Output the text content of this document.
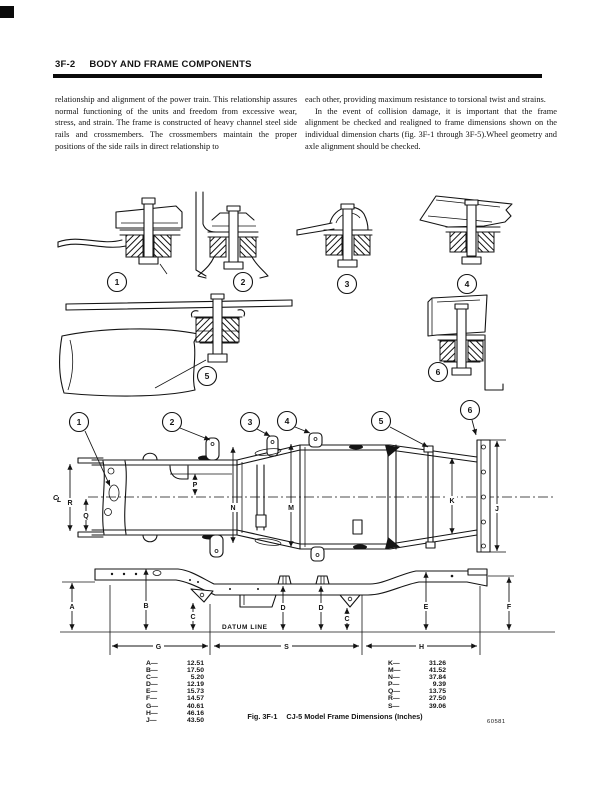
3F-2 BODY AND FRAME COMPONENTS

relationship and alignment of the power train. This relationship assures normal functioning of the units and freedom from excessive wear, stress, and strain. The frame is constructed of heavy channel steel side rails and crossmembers. The crossmembers maintain the proper positions of the side rails in direct relationship to

each other, providing maximum resistance to torsional twist and strains.

In the event of collision damage, it is important that the frame alignment be checked and realigned to frame dimensions shown on the individual dimension charts (fig. 3F-1 through 3F-5).Wheel geometry and axle alignment should be checked.

1	2	3	4
5	6
C
L R
Q
P
N	M
K
J
1	2	3	4	5
6
DATUM LINE
A	B
C
D	D
C
E	F
G	S	H
A—	12.51
B—	17.50
C—	5.20
D—	12.19
E—	15.73
F—	14.57
G—	40.61
H—	46.16
J—	43.50
K—	31.26
M—	41.52
N—	37.84
P—	9.39
Q—	13.75
R—	27.50
S—	39.06
Fig. 3F-1 CJ-5 Model Frame Dimensions (Inches)
60581
